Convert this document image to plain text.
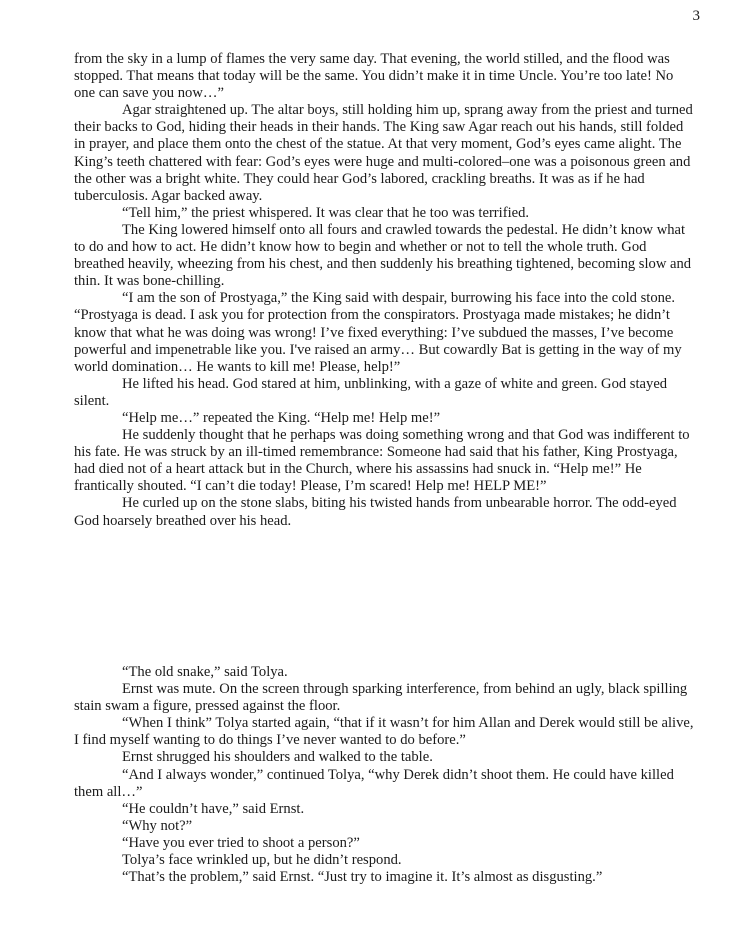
3

from the sky in a lump of flames the very same day. That evening, the world stilled, and the flood was stopped. That means that today will be the same. You didn’t make it in time Uncle. You’re too late! No one can save you now…”

Agar straightened up. The altar boys, still holding him up, sprang away from the priest and turned their backs to God, hiding their heads in their hands. The King saw Agar reach out his hands, still folded in prayer, and place them onto the chest of the statue. At that very moment, God’s eyes came alight. The King’s teeth chattered with fear: God’s eyes were huge and multi-colored–one was a poisonous green and the other was a bright white. They could hear God’s labored, crackling breaths. It was as if he had tuberculosis. Agar backed away.

“Tell him,” the priest whispered. It was clear that he too was terrified.

The King lowered himself onto all fours and crawled towards the pedestal. He didn’t know what to do and how to act. He didn’t know how to begin and whether or not to tell the whole truth. God breathed heavily, wheezing from his chest, and then suddenly his breathing tightened, becoming slow and thin. It was bone-chilling.

“I am the son of Prostyaga,” the King said with despair, burrowing his face into the cold stone. “Prostyaga is dead. I ask you for protection from the conspirators. Prostyaga made mistakes; he didn’t know that what he was doing was wrong! I’ve fixed everything: I’ve subdued the masses, I’ve become powerful and impenetrable like you. I've raised an army… But cowardly Bat is getting in the way of my world domination… He wants to kill me! Please, help!”

He lifted his head. God stared at him, unblinking, with a gaze of white and green. God stayed silent.

“Help me…” repeated the King. “Help me! Help me!”

He suddenly thought that he perhaps was doing something wrong and that God was indifferent to his fate. He was struck by an ill-timed remembrance: Someone had said that his father, King Prostyaga, had died not of a heart attack but in the Church, where his assassins had snuck in. “Help me!” He frantically shouted. “I can’t die today! Please, I’m scared! Help me! HELP ME!”

He curled up on the stone slabs, biting his twisted hands from unbearable horror. The odd-eyed God hoarsely breathed over his head.

“The old snake,” said Tolya.

Ernst was mute. On the screen through sparking interference, from behind an ugly, black spilling stain swam a figure, pressed against the floor.

“When I think” Tolya started again, “that if it wasn’t for him Allan and Derek would still be alive, I find myself wanting to do things I’ve never wanted to do before.”

Ernst shrugged his shoulders and walked to the table.

“And I always wonder,” continued Tolya, “why Derek didn’t shoot them. He could have killed them all…”

“He couldn’t have,” said Ernst.

“Why not?”

“Have you ever tried to shoot a person?”

Tolya’s face wrinkled up, but he didn’t respond.

“That’s the problem,” said Ernst. “Just try to imagine it. It’s almost as disgusting.”
